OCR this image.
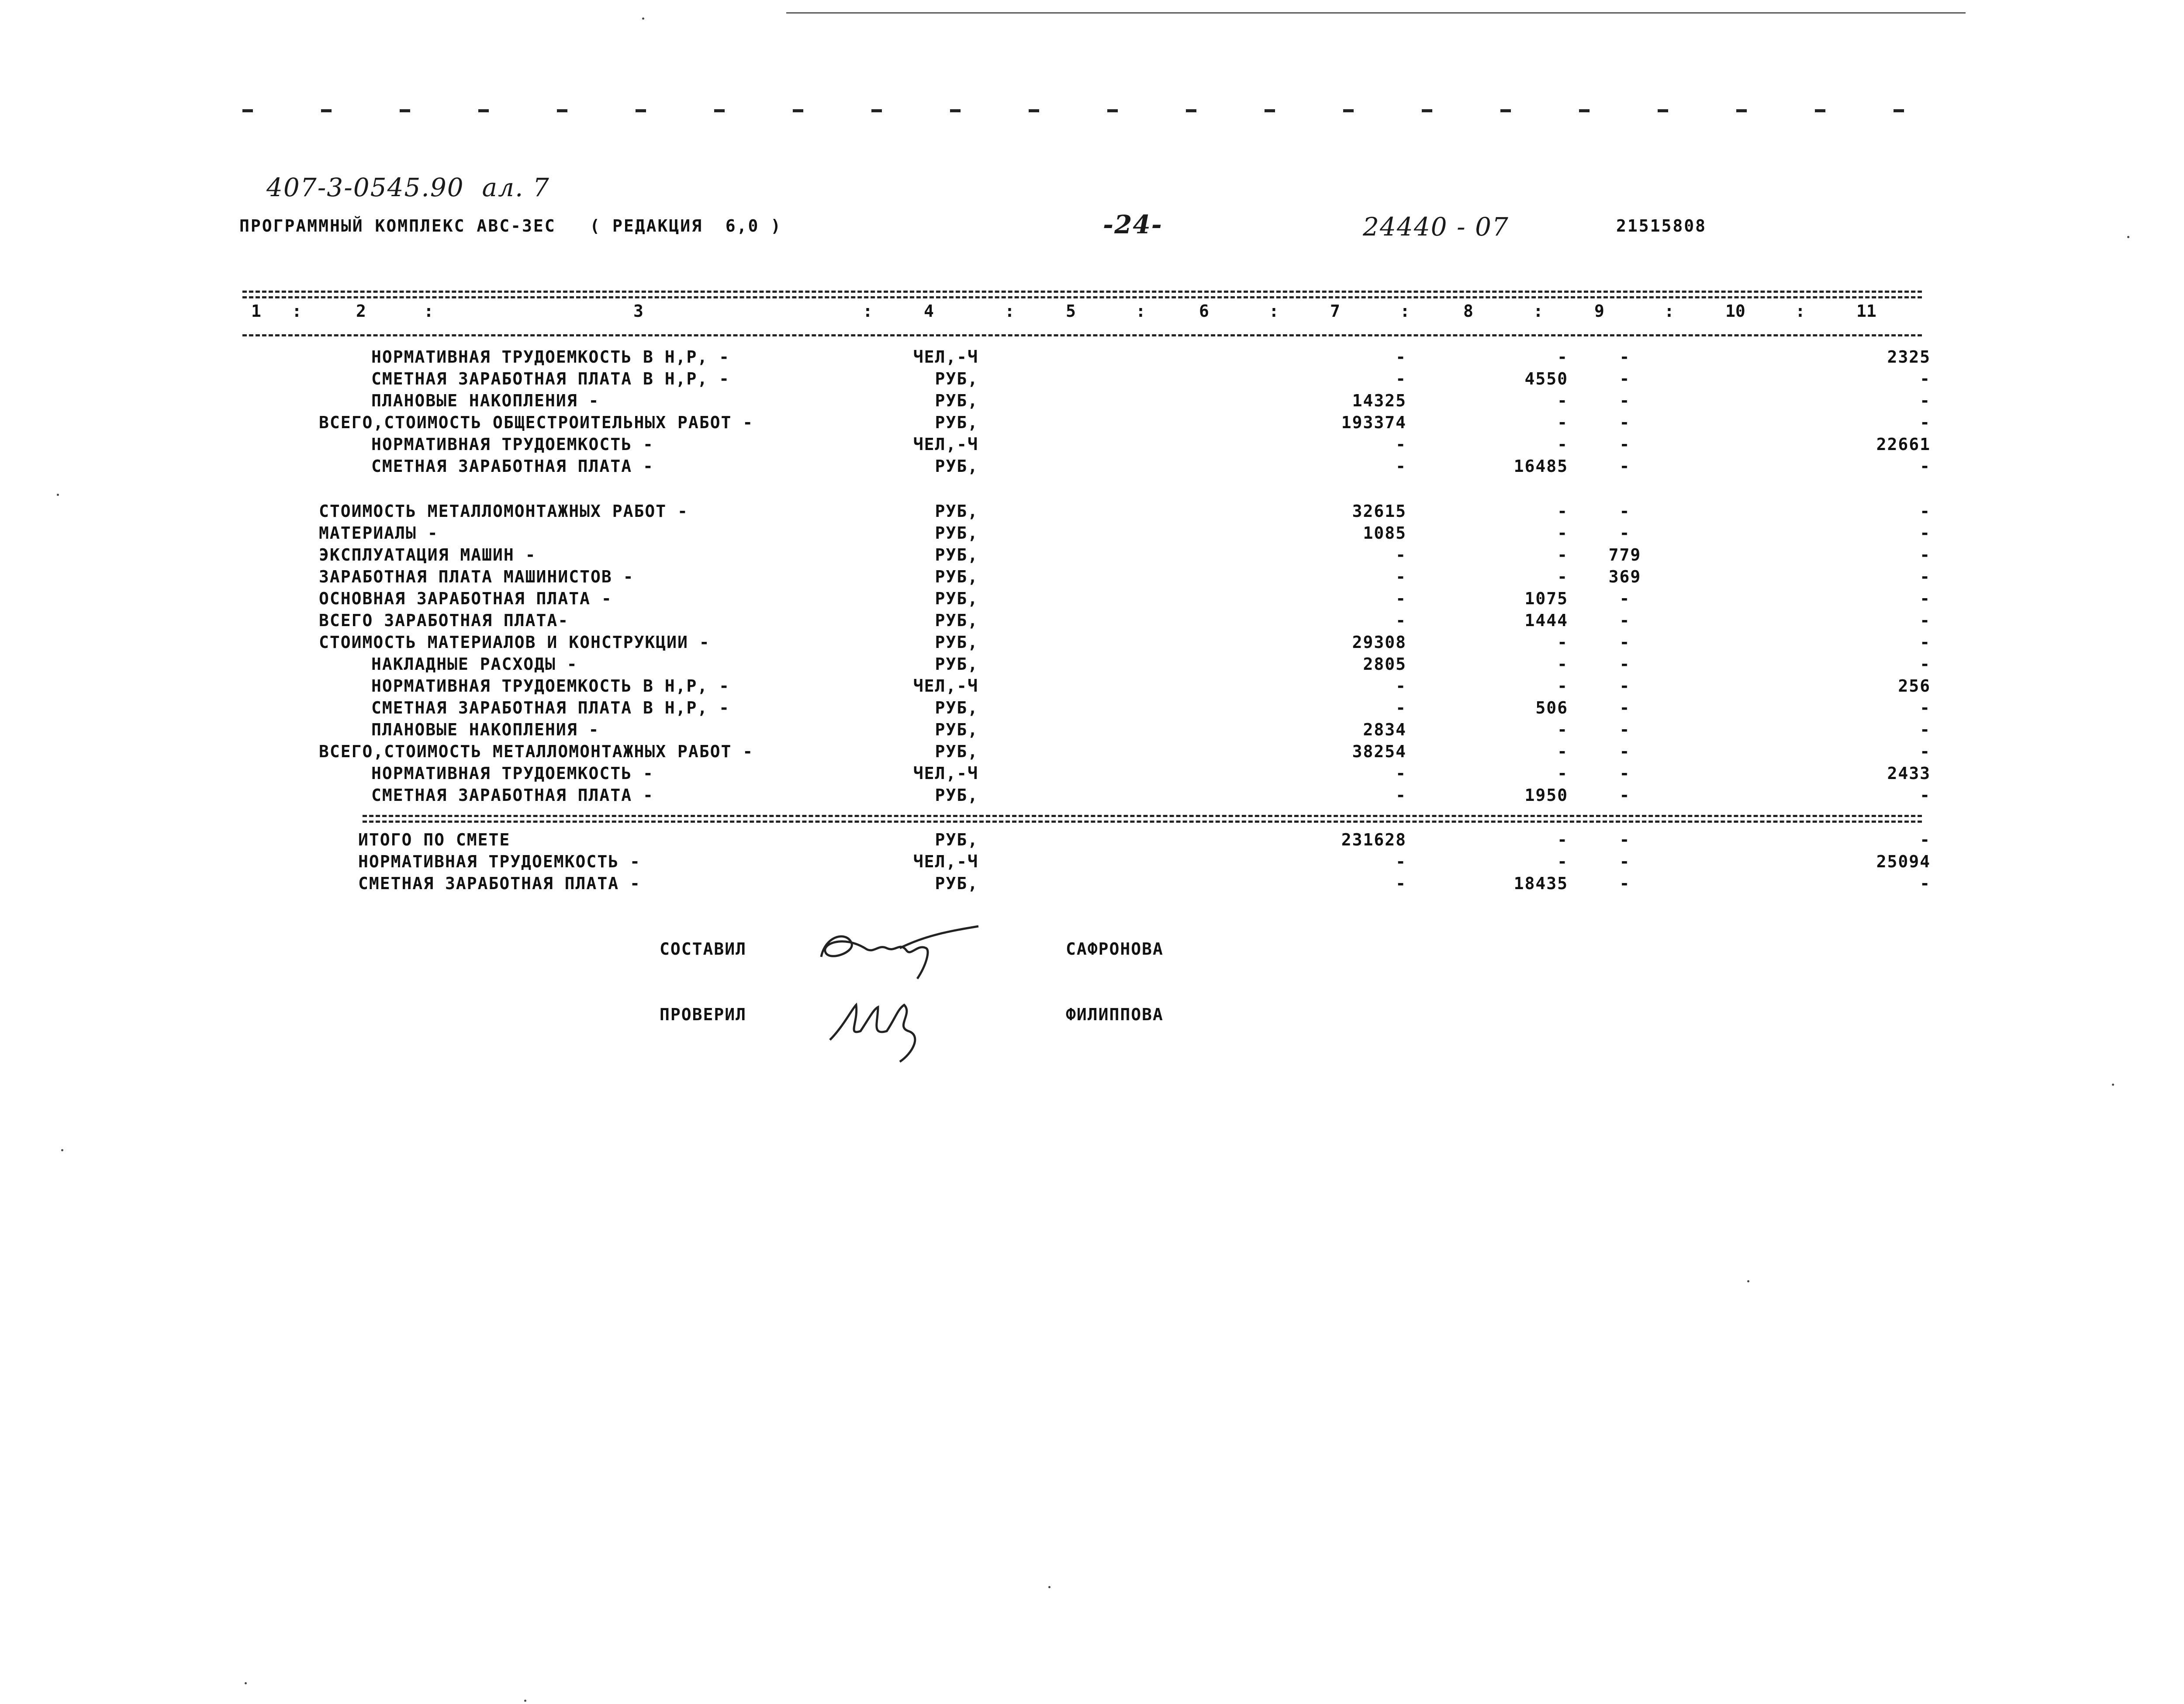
407-3-0545.90  ал. 7
ПРОГРАММНЫЙ КОМПЛЕКС АВС-3ЕС   ( РЕДАКЦИЯ  6,0 )	-24-	24440 - 07	21515808
1 :	2	:	3	:	4	:	5	:	6	:	7	:	8	:	9	:	10	:	11
НОРМАТИВНАЯ ТРУДОЕМКОСТЬ В Н,Р, -	ЧЕЛ,-Ч	-	-	-	2325
СМЕТНАЯ ЗАРАБОТНАЯ ПЛАТА В Н,Р, -	РУБ,	-	4550	-	-
ПЛАНОВЫЕ НАКОПЛЕНИЯ -	РУБ,	14325	-	-	-
ВСЕГО,СТОИМОСТЬ ОБЩЕСТРОИТЕЛЬНЫХ РАБОТ -	РУБ,	193374	-	-	-
НОРМАТИВНАЯ ТРУДОЕМКОСТЬ -	ЧЕЛ,-Ч	-	-	-	22661
СМЕТНАЯ ЗАРАБОТНАЯ ПЛАТА -	РУБ,	-	16485	-	-
СТОИМОСТЬ МЕТАЛЛОМОНТАЖНЫХ РАБОТ -	РУБ,	32615	-	-	-
МАТЕРИАЛЫ -	РУБ,	1085	-	-	-
ЭКСПЛУАТАЦИЯ МАШИН -	РУБ,	-	-	779	-
ЗАРАБОТНАЯ ПЛАТА МАШИНИСТОВ -	РУБ,	-	-	369	-
ОСНОВНАЯ ЗАРАБОТНАЯ ПЛАТА -	РУБ,	-	1075	-	-
ВСЕГО ЗАРАБОТНАЯ ПЛАТА-	РУБ,	-	1444	-	-
СТОИМОСТЬ МАТЕРИАЛОВ И КОНСТРУКЦИИ -	РУБ,	29308	-	-	-
НАКЛАДНЫЕ РАСХОДЫ -	РУБ,	2805	-	-	-
НОРМАТИВНАЯ ТРУДОЕМКОСТЬ В Н,Р, -	ЧЕЛ,-Ч	-	-	-	256
СМЕТНАЯ ЗАРАБОТНАЯ ПЛАТА В Н,Р, -	РУБ,	-	506	-	-
ПЛАНОВЫЕ НАКОПЛЕНИЯ -	РУБ,	2834	-	-	-
ВСЕГО,СТОИМОСТЬ МЕТАЛЛОМОНТАЖНЫХ РАБОТ -	РУБ,	38254	-	-	-
НОРМАТИВНАЯ ТРУДОЕМКОСТЬ -	ЧЕЛ,-Ч	-	-	-	2433
СМЕТНАЯ ЗАРАБОТНАЯ ПЛАТА -	РУБ,	-	1950	-	-
ИТОГО ПО СМЕТЕ	РУБ,	231628	-	-	-
НОРМАТИВНАЯ ТРУДОЕМКОСТЬ -	ЧЕЛ,-Ч	-	-	-	25094
СМЕТНАЯ ЗАРАБОТНАЯ ПЛАТА -	РУБ,	-	18435	-	-
СОСТАВИЛ	САФРОНОВА
ПРОВЕРИЛ	ФИЛИППОВА
